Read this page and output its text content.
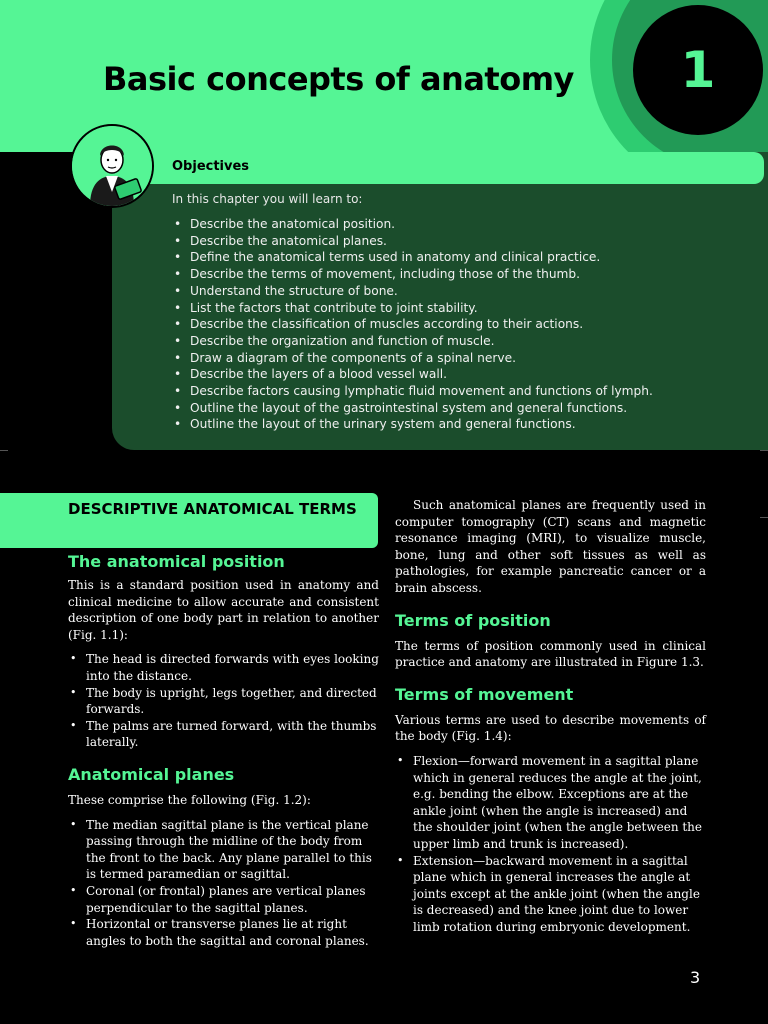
1
Basic concepts of anatomy
Objectives
In this chapter you will learn to:
• Describe the anatomical position.
• Describe the anatomical planes.
• Define the anatomical terms used in anatomy and clinical practice.
• Describe the terms of movement, including those of the thumb.
• Understand the structure of bone.
• List the factors that contribute to joint stability.
• Describe the classification of muscles according to their actions.
• Describe the organization and function of muscle.
• Draw a diagram of the components of a spinal nerve.
• Describe the layers of a blood vessel wall.
• Describe factors causing lymphatic fluid movement and functions of lymph.
• Outline the layout of the gastrointestinal system and general functions.
• Outline the layout of the urinary system and general functions.
DESCRIPTIVE ANATOMICAL TERMS
The anatomical position

This is a standard position used in anatomy and clinical medicine to allow accurate and consistent description of one body part in relation to another (Fig. 1.1):

• The head is directed forwards with eyes looking into the distance.
• The body is upright, legs together, and directed forwards.
• The palms are turned forward, with the thumbs laterally.
Anatomical planes

These comprise the following (Fig. 1.2):

• The median sagittal plane is the vertical plane passing through the midline of the body from the front to the back. Any plane parallel to this is termed paramedian or sagittal.
• Coronal (or frontal) planes are vertical planes perpendicular to the sagittal planes.
• Horizontal or transverse planes lie at right angles to both the sagittal and coronal planes.

Such anatomical planes are frequently used in computer tomography (CT) scans and magnetic resonance imaging (MRI), to visualize muscle, bone, lung and other soft tissues as well as pathologies, for example pancreatic cancer or a brain abscess.

Terms of position

The terms of position commonly used in clinical practice and anatomy are illustrated in Figure 1.3.

Terms of movement

Various terms are used to describe movements of the body (Fig. 1.4):

• Flexion—forward movement in a sagittal plane which in general reduces the angle at the joint, e.g. bending the elbow. Exceptions are at the ankle joint (when the angle is increased) and the shoulder joint (when the angle between the upper limb and trunk is increased).
• Extension—backward movement in a sagittal plane which in general increases the angle at joints except at the ankle joint (when the angle is decreased) and the knee joint due to lower limb rotation during embryonic development.
3
